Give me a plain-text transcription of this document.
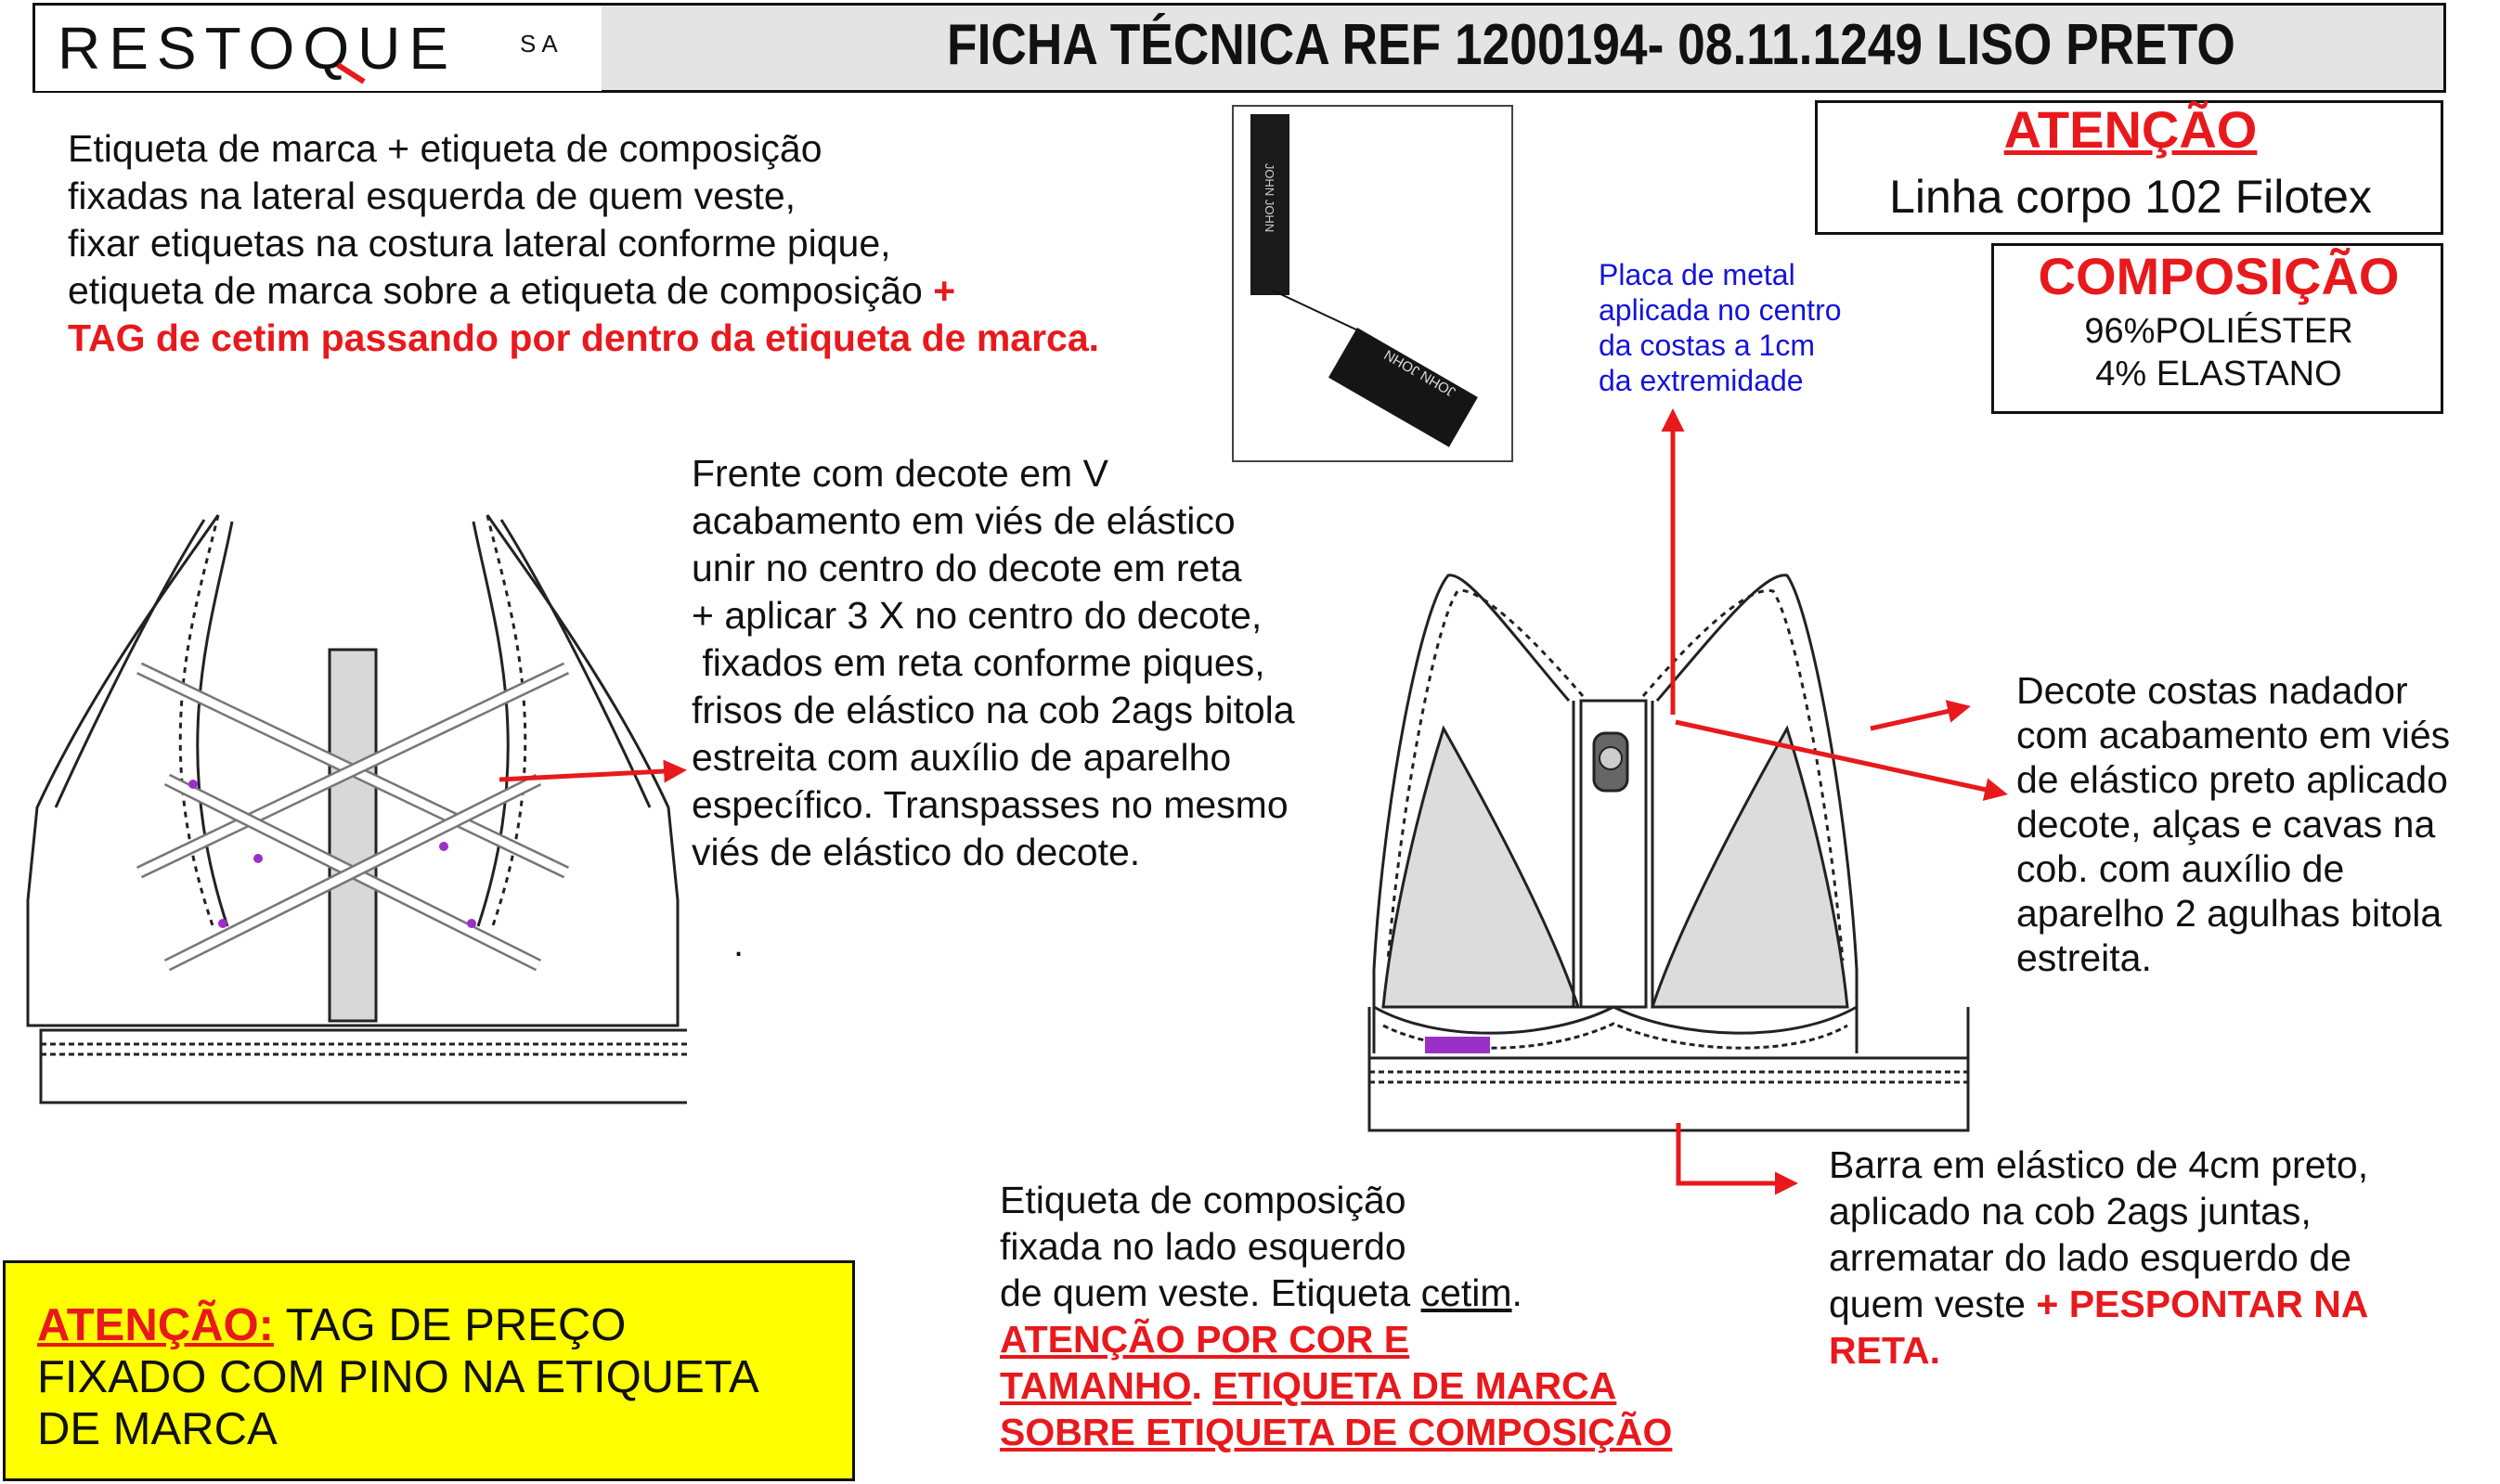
RESTOQUE	SA	FICHA TÉCNICA REF 1200194- 08.11.1249 LISO PRETO
Etiqueta de marca + etiqueta de composição
fixadas na lateral esquerda de quem veste,
fixar etiquetas na costura lateral conforme pique,
etiqueta de marca sobre a etiqueta de composição +
TAG de cetim passando por dentro da etiqueta de marca.
JOHN JOHN
JOHN JOHN
ATENÇÃO
Linha corpo 102 Filotex
COMPOSIÇÃO
96%POLIÉSTER
4% ELASTANO
Placa de metal
aplicada no centro
da costas a 1cm
da extremidade
Frente com decote em V
acabamento em viés de elástico
unir no centro do decote em reta
+ aplicar 3 X no centro do decote,
fixados em reta conforme piques,
frisos de elástico na cob 2ags bitola
estreita com auxílio de aparelho
específico. Transpasses no mesmo
viés de elástico do decote.
.
Decote costas nadador
com acabamento em viés
de elástico preto aplicado
decote, alças e cavas na
cob. com auxílio de
aparelho 2 agulhas bitola
estreita.
Barra em elástico de 4cm preto,
aplicado na cob 2ags juntas,
arrematar do lado esquerdo de
quem veste + PESPONTAR NA
RETA.
Etiqueta de composição
fixada no lado esquerdo
de quem veste. Etiqueta cetim.
ATENÇÃO POR COR E
TAMANHO. ETIQUETA DE MARCA
SOBRE ETIQUETA DE COMPOSIÇÃO
ATENÇÃO: TAG DE PREÇO
FIXADO COM PINO NA ETIQUETA
DE MARCA
